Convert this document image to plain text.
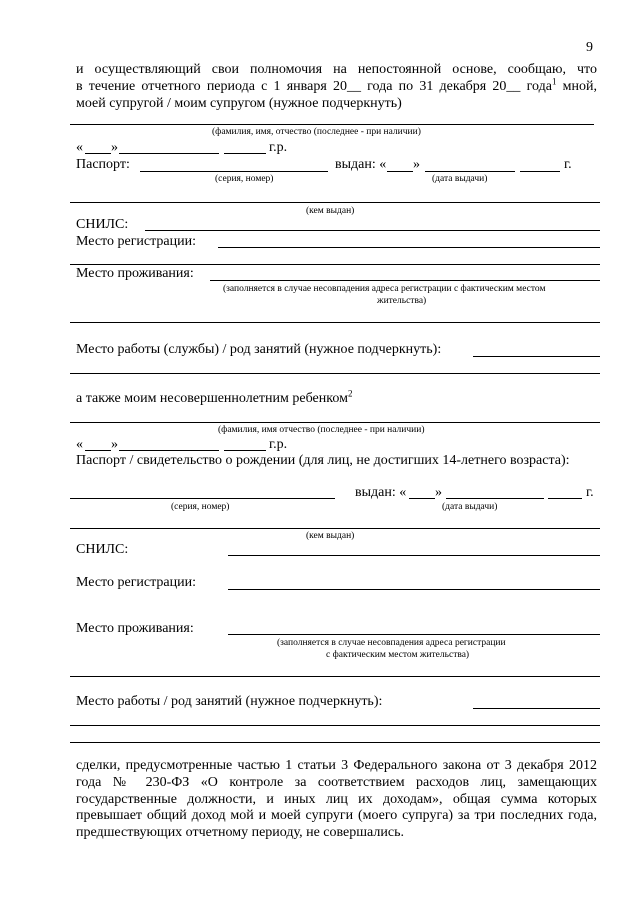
9
и осуществляющий свои полномочия на непостоянной основе, сообщаю, что
в течение отчетного периода с 1 января 20__ года по 31 декабря 20__ года$^1$ мной,
моей супругой / моим супругом (нужное подчеркнуть)
(фамилия, имя, отчество (последнее - при наличии)
« »	г.р.
Паспорт:	выдан: « »	г.
(серия, номер)	(дата выдачи)
(кем выдан)
СНИЛС:
Место регистрации:
Место проживания:
(заполняется в случае несовпадения адреса регистрации с фактическим местом
жительства)
Место работы (службы) / род занятий (нужное подчеркнуть):
а также моим несовершеннолетним ребенком$^2$
(фамилия, имя отчество (последнее - при наличии)
« »	г.р.
Паспорт / свидетельство о рождении (для лиц, не достигших 14-летнего возраста):
выдан: « »	г.
(серия, номер)	(дата выдачи)
(кем выдан)
СНИЛС:
Место регистрации:
Место проживания:
(заполняется в случае несовпадения адреса регистрации
с фактическим местом жительства)
Место работы / род занятий (нужное подчеркнуть):
сделки, предусмотренные частью 1 статьи 3 Федерального закона от 3 декабря 2012
года № 230-ФЗ «О контроле за соответствием расходов лиц, замещающих
государственные должности, и иных лиц их доходам», общая сумма которых
превышает общий доход мой и моей супруги (моего супруга) за три последних года,
предшествующих отчетному периоду, не совершались.
